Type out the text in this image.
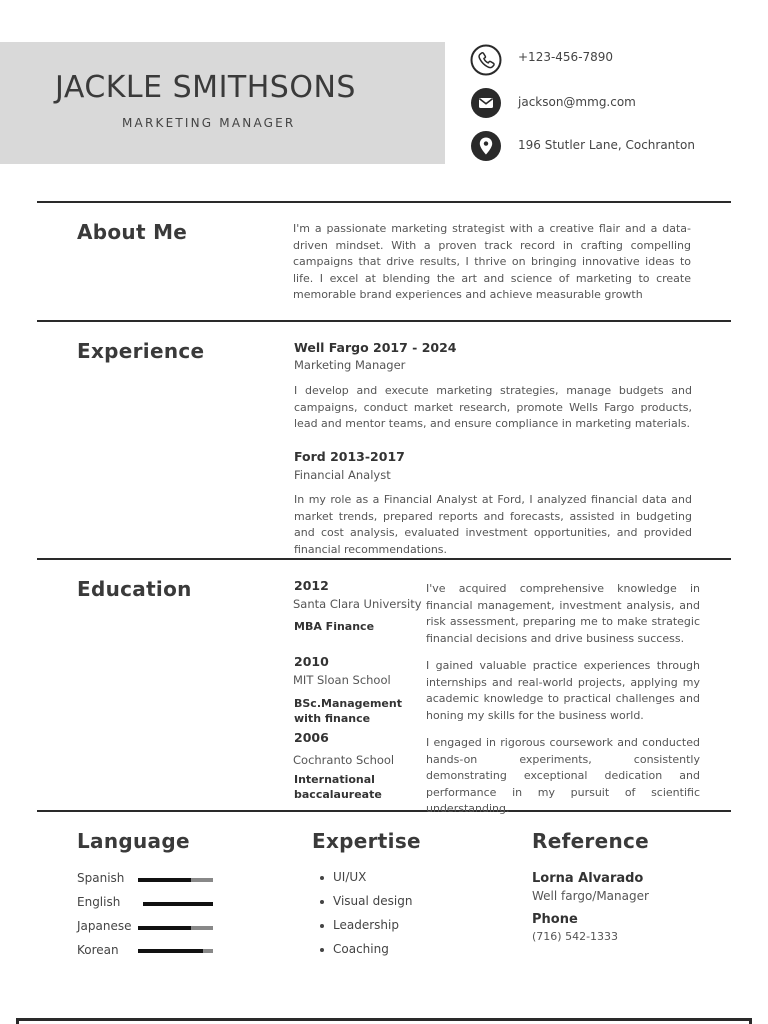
JACKLE SMITHSONS
MARKETING MANAGER
+123-456-7890
jackson@mmg.com
196 Stutler Lane, Cochranton
About Me	I'm a passionate marketing strategist with a creative flair and a data-driven mindset. With a proven track record in crafting compelling campaigns that drive results, I thrive on bringing innovative ideas to life. I excel at blending the art and science of marketing to create memorable brand experiences and achieve measurable growth
Experience	Well Fargo 2017 - 2024
Marketing Manager
I develop and execute marketing strategies, manage budgets and campaigns, conduct market research, promote Wells Fargo products, lead and mentor teams, and ensure compliance in marketing materials.
Ford 2013-2017
Financial Analyst
In my role as a Financial Analyst at Ford, I analyzed financial data and market trends, prepared reports and forecasts, assisted in budgeting and cost analysis, evaluated investment opportunities, and provided financial recommendations.
Education	2012
Santa Clara University
MBA Finance
I've acquired comprehensive knowledge in financial management, investment analysis, and risk assessment, preparing me to make strategic financial decisions and drive business success.
2010
MIT Sloan School
BSc.Management with finance
I gained valuable practice experiences through internships and real-world projects, applying my academic knowledge to practical challenges and honing my skills for the business world.
2006
Cochranto School
International baccalaureate
I engaged in rigorous coursework and conducted hands-on experiments, consistently demonstrating exceptional dedication and performance in my pursuit of scientific understanding.
Language
Spanish
English
Japanese
Korean
Expertise
UI/UX
Visual design
Leadership
Coaching
Reference
Lorna Alvarado
Well fargo/Manager
Phone
(716) 542-1333
